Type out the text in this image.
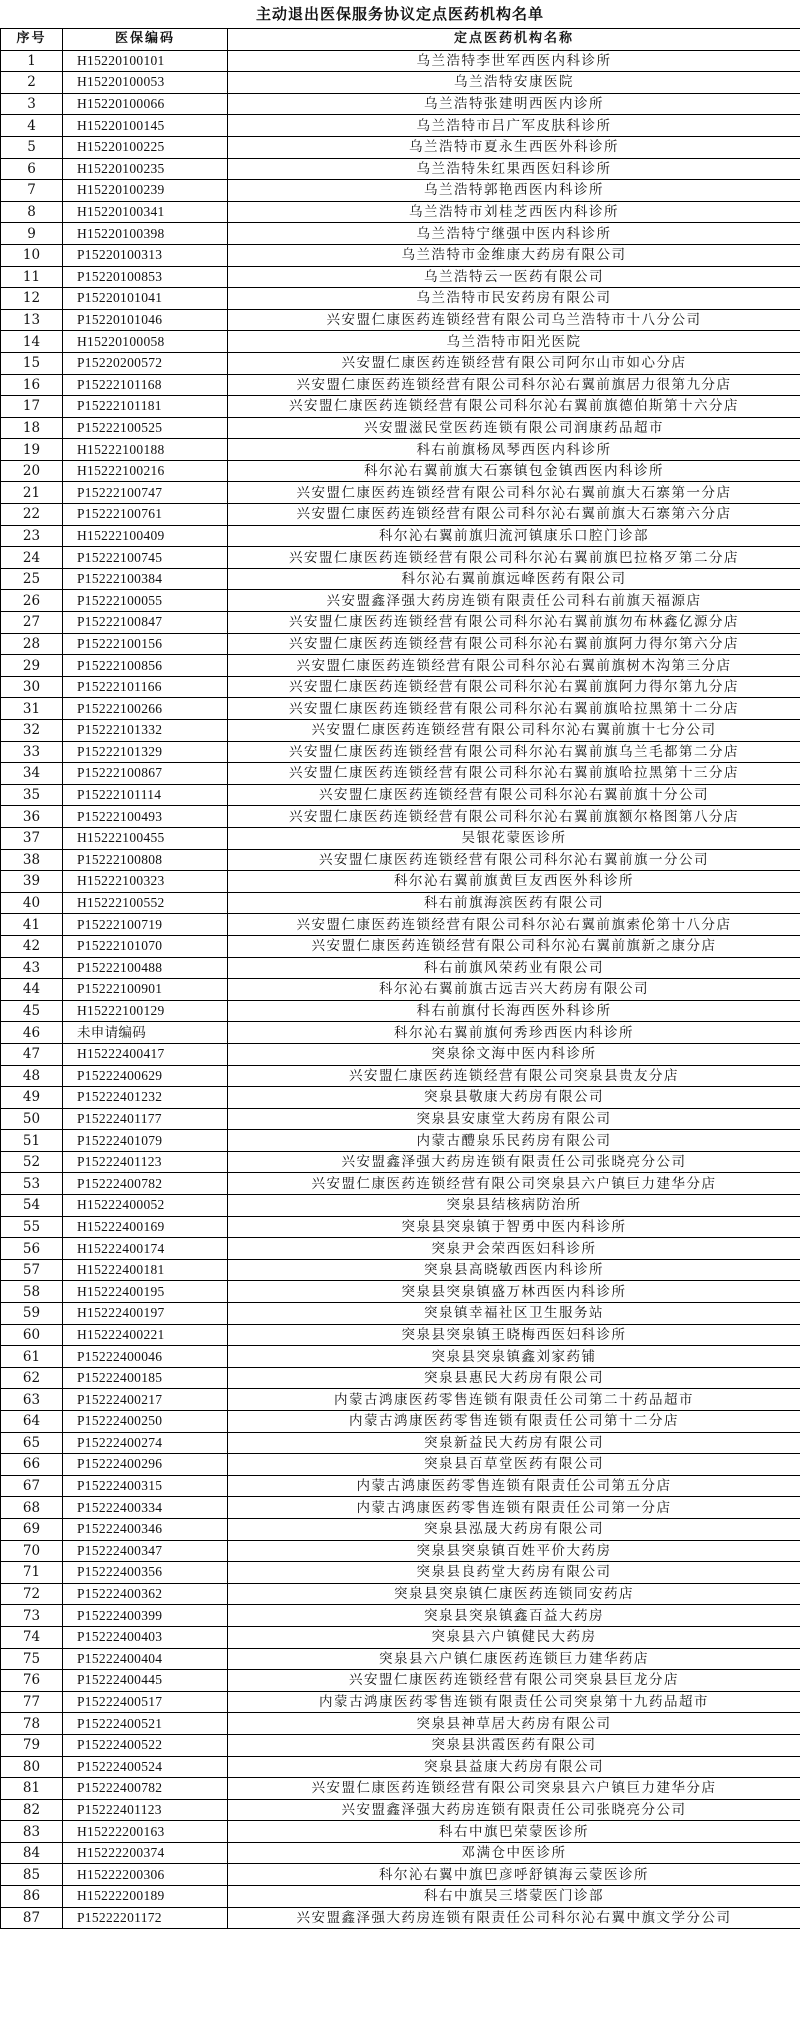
主动退出医保服务协议定点医药机构名单
序号	医保编码	定点医药机构名称
1	H15220100101	乌兰浩特李世军西医内科诊所
2	H15220100053	乌兰浩特安康医院
3	H15220100066	乌兰浩特张建明西医内诊所
4	H15220100145	乌兰浩特市吕广军皮肤科诊所
5	H15220100225	乌兰浩特市夏永生西医外科诊所
6	H15220100235	乌兰浩特朱红果西医妇科诊所
7	H15220100239	乌兰浩特郭艳西医内科诊所
8	H15220100341	乌兰浩特市刘桂芝西医内科诊所
9	H15220100398	乌兰浩特宁继强中医内科诊所
10	P15220100313	乌兰浩特市金维康大药房有限公司
11	P15220100853	乌兰浩特云一医药有限公司
12	P15220101041	乌兰浩特市民安药房有限公司
13	P15220101046	兴安盟仁康医药连锁经营有限公司乌兰浩特市十八分公司
14	H15220100058	乌兰浩特市阳光医院
15	P15220200572	兴安盟仁康医药连锁经营有限公司阿尔山市如心分店
16	P15222101168	兴安盟仁康医药连锁经营有限公司科尔沁右翼前旗居力很第九分店
17	P15222101181	兴安盟仁康医药连锁经营有限公司科尔沁右翼前旗德伯斯第十六分店
18	P15222100525	兴安盟滋民堂医药连锁有限公司润康药品超市
19	H15222100188	科右前旗杨凤琴西医内科诊所
20	H15222100216	科尔沁右翼前旗大石寨镇包金镇西医内科诊所
21	P15222100747	兴安盟仁康医药连锁经营有限公司科尔沁右翼前旗大石寨第一分店
22	P15222100761	兴安盟仁康医药连锁经营有限公司科尔沁右翼前旗大石寨第六分店
23	H15222100409	科尔沁右翼前旗归流河镇康乐口腔门诊部
24	P15222100745	兴安盟仁康医药连锁经营有限公司科尔沁右翼前旗巴拉格歹第二分店
25	P15222100384	科尔沁右翼前旗远峰医药有限公司
26	P15222100055	兴安盟鑫泽强大药房连锁有限责任公司科右前旗天福源店
27	P15222100847	兴安盟仁康医药连锁经营有限公司科尔沁右翼前旗勿布林鑫亿源分店
28	P15222100156	兴安盟仁康医药连锁经营有限公司科尔沁右翼前旗阿力得尔第六分店
29	P15222100856	兴安盟仁康医药连锁经营有限公司科尔沁右翼前旗树木沟第三分店
30	P15222101166	兴安盟仁康医药连锁经营有限公司科尔沁右翼前旗阿力得尔第九分店
31	P15222100266	兴安盟仁康医药连锁经营有限公司科尔沁右翼前旗哈拉黑第十二分店
32	P15222101332	兴安盟仁康医药连锁经营有限公司科尔沁右翼前旗十七分公司
33	P15222101329	兴安盟仁康医药连锁经营有限公司科尔沁右翼前旗乌兰毛都第二分店
34	P15222100867	兴安盟仁康医药连锁经营有限公司科尔沁右翼前旗哈拉黑第十三分店
35	P15222101114	兴安盟仁康医药连锁经营有限公司科尔沁右翼前旗十分公司
36	P15222100493	兴安盟仁康医药连锁经营有限公司科尔沁右翼前旗额尔格图第八分店
37	H15222100455	吴银花蒙医诊所
38	P15222100808	兴安盟仁康医药连锁经营有限公司科尔沁右翼前旗一分公司
39	H15222100323	科尔沁右翼前旗黄巨友西医外科诊所
40	H15222100552	科右前旗海滨医药有限公司
41	P15222100719	兴安盟仁康医药连锁经营有限公司科尔沁右翼前旗索伦第十八分店
42	P15222101070	兴安盟仁康医药连锁经营有限公司科尔沁右翼前旗新之康分店
43	P15222100488	科右前旗风荣药业有限公司
44	P15222100901	科尔沁右翼前旗古远吉兴大药房有限公司
45	H15222100129	科右前旗付长海西医外科诊所
46	未申请编码	科尔沁右翼前旗何秀珍西医内科诊所
47	H15222400417	突泉徐文海中医内科诊所
48	P15222400629	兴安盟仁康医药连锁经营有限公司突泉县贵友分店
49	P15222401232	突泉县敬康大药房有限公司
50	P15222401177	突泉县安康堂大药房有限公司
51	P15222401079	内蒙古醴泉乐民药房有限公司
52	P15222401123	兴安盟鑫泽强大药房连锁有限责任公司张晓亮分公司
53	P15222400782	兴安盟仁康医药连锁经营有限公司突泉县六户镇巨力建华分店
54	H15222400052	突泉县结核病防治所
55	H15222400169	突泉县突泉镇于智勇中医内科诊所
56	H15222400174	突泉尹会荣西医妇科诊所
57	H15222400181	突泉县高晓敏西医内科诊所
58	H15222400195	突泉县突泉镇盛万林西医内科诊所
59	H15222400197	突泉镇幸福社区卫生服务站
60	H15222400221	突泉县突泉镇王晓梅西医妇科诊所
61	P15222400046	突泉县突泉镇鑫刘家药铺
62	P15222400185	突泉县惠民大药房有限公司
63	P15222400217	内蒙古鸿康医药零售连锁有限责任公司第二十药品超市
64	P15222400250	内蒙古鸿康医药零售连锁有限责任公司第十二分店
65	P15222400274	突泉新益民大药房有限公司
66	P15222400296	突泉县百草堂医药有限公司
67	P15222400315	内蒙古鸿康医药零售连锁有限责任公司第五分店
68	P15222400334	内蒙古鸿康医药零售连锁有限责任公司第一分店
69	P15222400346	突泉县泓晟大药房有限公司
70	P15222400347	突泉县突泉镇百姓平价大药房
71	P15222400356	突泉县良药堂大药房有限公司
72	P15222400362	突泉县突泉镇仁康医药连锁同安药店
73	P15222400399	突泉县突泉镇鑫百益大药房
74	P15222400403	突泉县六户镇健民大药房
75	P15222400404	突泉县六户镇仁康医药连锁巨力建华药店
76	P15222400445	兴安盟仁康医药连锁经营有限公司突泉县巨龙分店
77	P15222400517	内蒙古鸿康医药零售连锁有限责任公司突泉第十九药品超市
78	P15222400521	突泉县神草居大药房有限公司
79	P15222400522	突泉县洪霞医药有限公司
80	P15222400524	突泉县益康大药房有限公司
81	P15222400782	兴安盟仁康医药连锁经营有限公司突泉县六户镇巨力建华分店
82	P15222401123	兴安盟鑫泽强大药房连锁有限责任公司张晓亮分公司
83	H15222200163	科右中旗巴荣蒙医诊所
84	H15222200374	邓满仓中医诊所
85	H15222200306	科尔沁右翼中旗巴彦呼舒镇海云蒙医诊所
86	H15222200189	科右中旗吴三塔蒙医门诊部
87	P15222201172	兴安盟鑫泽强大药房连锁有限责任公司科尔沁右翼中旗文学分公司
